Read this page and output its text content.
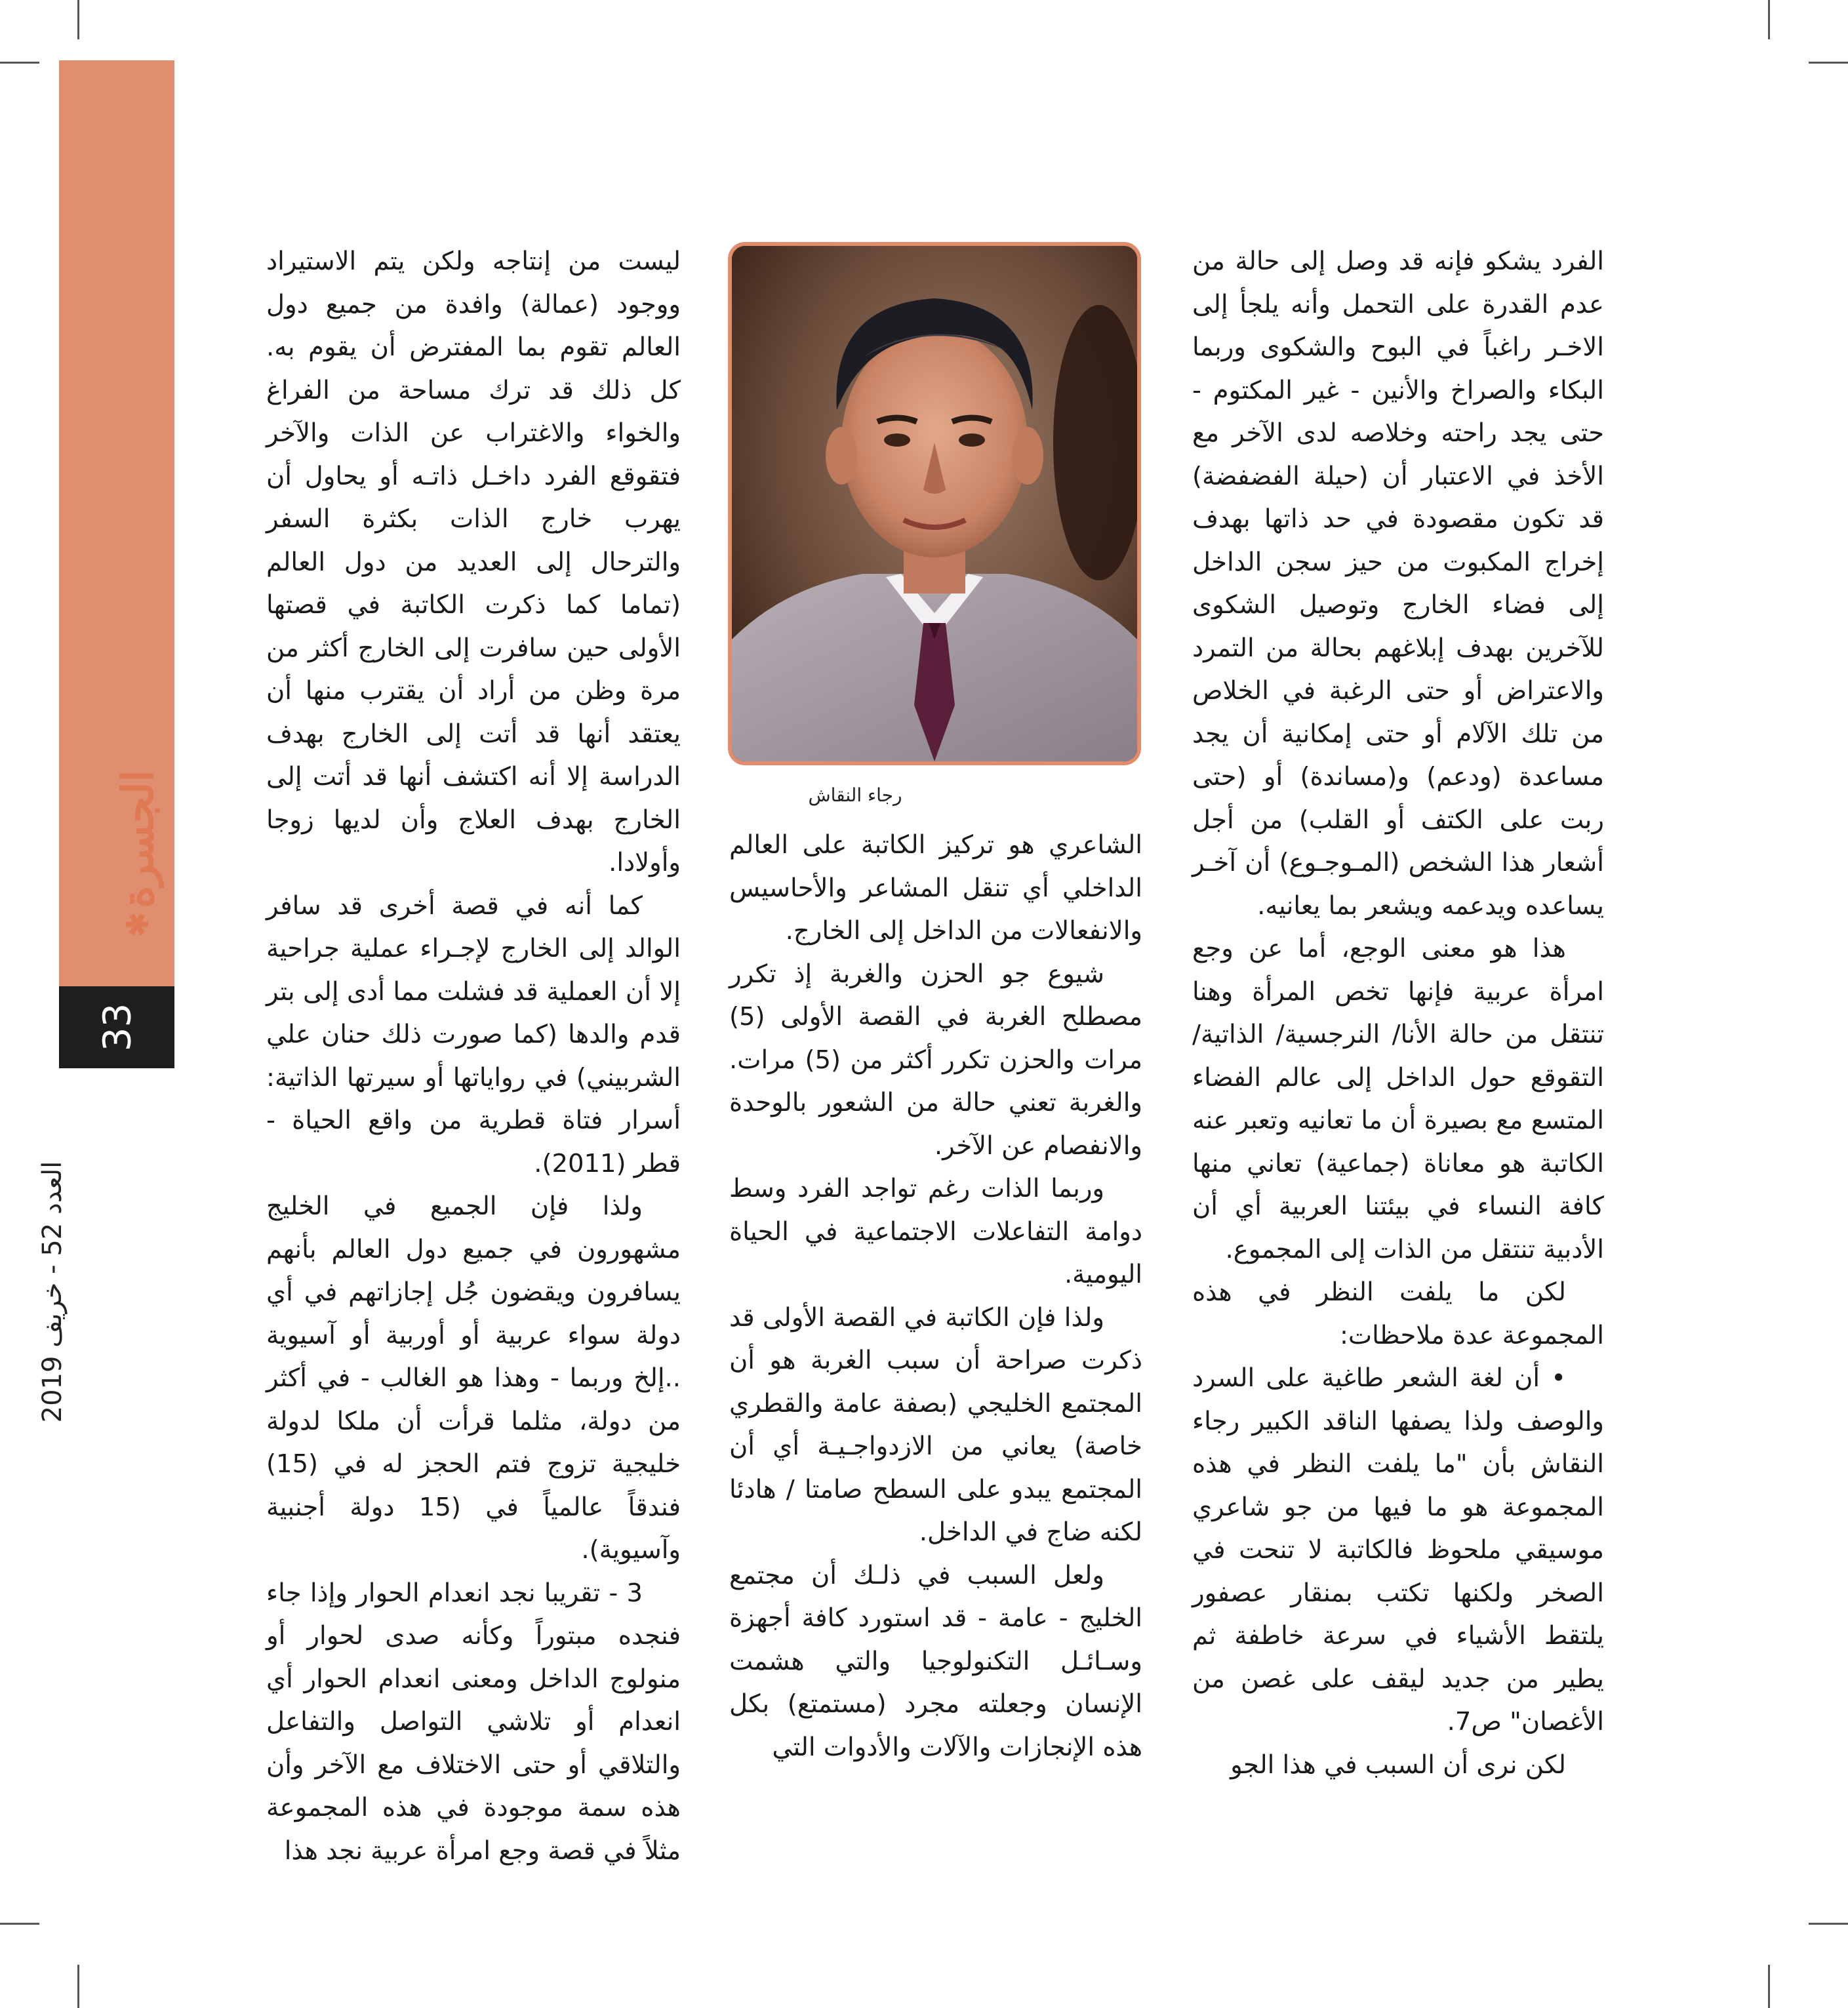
✱
الجسرة
33
العدد 52 - خريف 2019
رجاء النقاش

الفرد يشكو فإنه قد وصل إلى حالة من عدم القدرة على التحمل وأنه يلجأ إلى الاخـر راغباً في البوح والشكوى وربما البكاء والصراخ والأنين - غير المكتوم - حتى يجد راحته وخلاصه لدى الآخر مع الأخذ في الاعتبار أن (حيلة الفضفضة) قد تكون مقصودة في حد ذاتها بهدف إخراج المكبوت من حيز سجن الداخل إلى فضاء الخارج وتوصيل الشكوى للآخرين بهدف إبلاغهم بحالة من التمرد والاعتراض أو حتى الرغبة في الخلاص من تلك الآلام أو حتى إمكانية أن يجد مساعدة (ودعم) و(مساندة) أو (حتى ربت على الكتف أو القلب) من أجل أشعار هذا الشخص (المـوجـوع) أن آخـر يساعده ويدعمه ويشعر بما يعانيه.

هذا هو معنى الوجع، أما عن وجع امرأة عربية فإنها تخص المرأة وهنا تنتقل من حالة الأنا/ النرجسية/ الذاتية/ التقوقع حول الداخل إلى عالم الفضاء المتسع مع بصيرة أن ما تعانيه وتعبر عنه الكاتبة هو معاناة (جماعية) تعاني منها كافة النساء في بيئتنا العربية أي أن الأدبية تنتقل من الذات إلى المجموع.

لكن ما يلفت النظر في هذه المجموعة عدة ملاحظات:

• أن لغة الشعر طاغية على السرد والوصف ولذا يصفها الناقد الكبير رجاء النقاش بأن "ما يلفت النظر في هذه المجموعة هو ما فيها من جو شاعري موسيقي ملحوظ فالكاتبة لا تنحت في الصخر ولكنها تكتب بمنقار عصفور يلتقط الأشياء في سرعة خاطفة ثم يطير من جديد ليقف على غصن من الأغصان" ص7.

لكن نرى أن السبب في هذا الجو

الشاعري هو تركيز الكاتبة على العالم الداخلي أي تنقل المشاعر والأحاسيس والانفعالات من الداخل إلى الخارج.

شيوع جو الحزن والغربة إذ تكرر مصطلح الغربة في القصة الأولى (5) مرات والحزن تكرر أكثر من (5) مرات. والغربة تعني حالة من الشعور بالوحدة والانفصام عن الآخر.

وربما الذات رغم تواجد الفرد وسط دوامة التفاعلات الاجتماعية في الحياة اليومية.

ولذا فإن الكاتبة في القصة الأولى قد ذكرت صراحة أن سبب الغربة هو أن المجتمع الخليجي (بصفة عامة والقطري خاصة) يعاني من الازدواجـيـة أي أن المجتمع يبدو على السطح صامتا / هادئا لكنه ضاج في الداخل.

ولعل السبب في ذلـك أن مجتمع الخليج - عامة - قد استورد كافة أجهزة وسـائـل التكنولوجيا والتي هشمت الإنسان وجعلته مجرد (مستمتع) بكل هذه الإنجازات والآلات والأدوات التي

ليست من إنتاجه ولكن يتم الاستيراد ووجود (عمالة) وافدة من جميع دول العالم تقوم بما المفترض أن يقوم به. كل ذلك قد ترك مساحة من الفراغ والخواء والاغتراب عن الذات والآخر فتقوقع الفرد داخـل ذاتـه أو يحاول أن يهرب خارج الذات بكثرة السفر والترحال إلى العديد من دول العالم (تماما كما ذكرت الكاتبة في قصتها الأولى حين سافرت إلى الخارج أكثر من مرة وظن من أراد أن يقترب منها أن يعتقد أنها قد أتت إلى الخارج بهدف الدراسة إلا أنه اكتشف أنها قد أتت إلى الخارج بهدف العلاج وأن لديها زوجا وأولادا.

كما أنه في قصة أخرى قد سافر الوالد إلى الخارج لإجـراء عملية جراحية إلا أن العملية قد فشلت مما أدى إلى بتر قدم والدها (كما صورت ذلك حنان علي الشربيني) في رواياتها أو سيرتها الذاتية: أسرار فتاة قطرية من واقع الحياة - قطر (2011).

ولذا فإن الجميع في الخليج مشهورون في جميع دول العالم بأنهم يسافرون ويقضون جُل إجازاتهم في أي دولة سواء عربية أو أوربية أو آسيوية ..إلخ وربما - وهذا هو الغالب - في أكثر من دولة، مثلما قرأت أن ملكا لدولة خليجية تزوج فتم الحجز له في (15) فندقاً عالمياً في (15 دولة أجنبية وآسيوية).

3 - تقريبا نجد انعدام الحوار وإذا جاء فنجده مبتوراً وكأنه صدى لحوار أو منولوج الداخل ومعنى انعدام الحوار أي انعدام أو تلاشي التواصل والتفاعل والتلاقي أو حتى الاختلاف مع الآخر وأن هذه سمة موجودة في هذه المجموعة مثلاً في قصة وجع امرأة عربية نجد هذا
